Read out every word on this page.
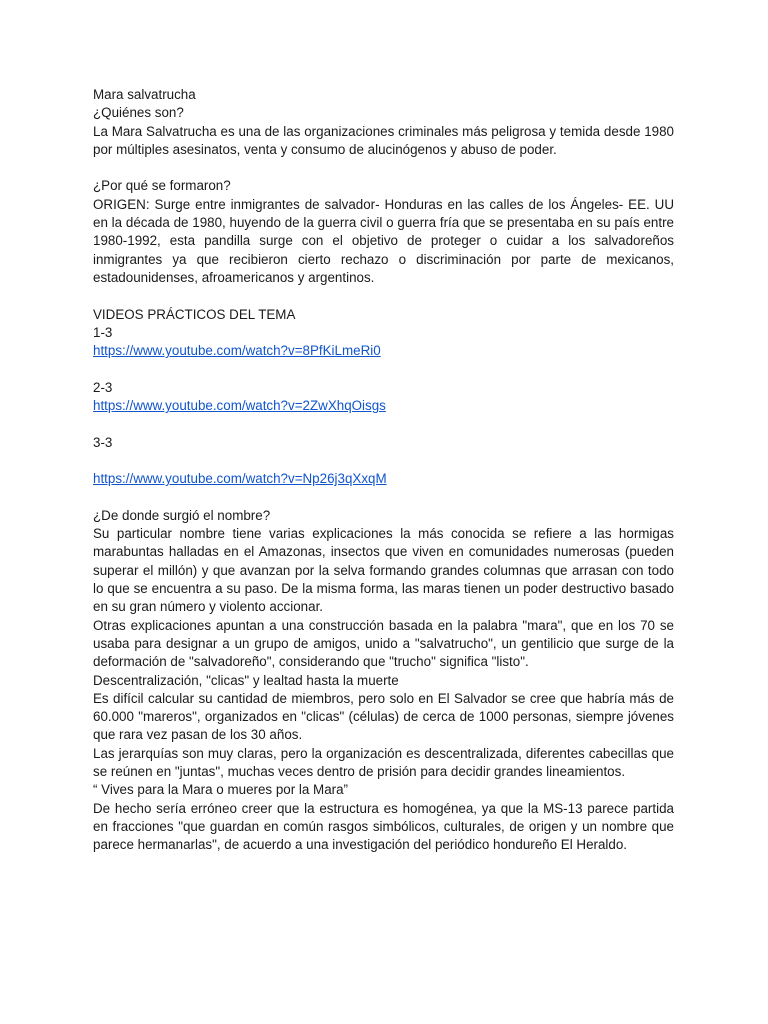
Mara salvatrucha
¿Quiénes son?
La Mara Salvatrucha es una de las organizaciones criminales más peligrosa y temida desde 1980 por múltiples asesinatos, venta y consumo de alucinógenos y abuso de poder.
¿Por qué se formaron?
ORIGEN: Surge entre inmigrantes de salvador- Honduras en las calles de los Ángeles- EE. UU en la década de 1980, huyendo de la guerra civil o guerra fría que se presentaba en su país entre 1980-1992, esta pandilla surge con el objetivo de proteger o cuidar a los salvadoreños inmigrantes ya que recibieron cierto rechazo o discriminación por parte de mexicanos, estadounidenses, afroamericanos y argentinos.
VIDEOS PRÁCTICOS DEL TEMA
1-3
https://www.youtube.com/watch?v=8PfKiLmeRi0
2-3
https://www.youtube.com/watch?v=2ZwXhqOisgs
3-3
https://www.youtube.com/watch?v=Np26j3qXxqM
¿De donde surgió el nombre?
Su particular nombre tiene varias explicaciones la más conocida se refiere a las hormigas marabuntas halladas en el Amazonas, insectos que viven en comunidades numerosas (pueden superar el millón) y que avanzan por la selva formando grandes columnas que arrasan con todo lo que se encuentra a su paso. De la misma forma, las maras tienen un poder destructivo basado en su gran número y violento accionar.
Otras explicaciones apuntan a una construcción basada en la palabra "mara", que en los 70 se usaba para designar a un grupo de amigos, unido a "salvatrucho", un gentilicio que surge de la deformación de "salvadoreño", considerando que "trucho" significa "listo".
Descentralización, "clicas" y lealtad hasta la muerte
Es difícil calcular su cantidad de miembros, pero solo en El Salvador se cree que habría más de 60.000 "mareros", organizados en "clicas" (células) de cerca de 1000 personas, siempre jóvenes que rara vez pasan de los 30 años.
Las jerarquías son muy claras, pero la organización es descentralizada, diferentes cabecillas que se reúnen en "juntas", muchas veces dentro de prisión para decidir grandes lineamientos.
“ Vives para la Mara o mueres por la Mara”
De hecho sería erróneo creer que la estructura es homogénea, ya que la MS-13 parece partida en fracciones "que guardan en común rasgos simbólicos, culturales, de origen y un nombre que parece hermanarlas", de acuerdo a una investigación del periódico hondureño El Heraldo.
